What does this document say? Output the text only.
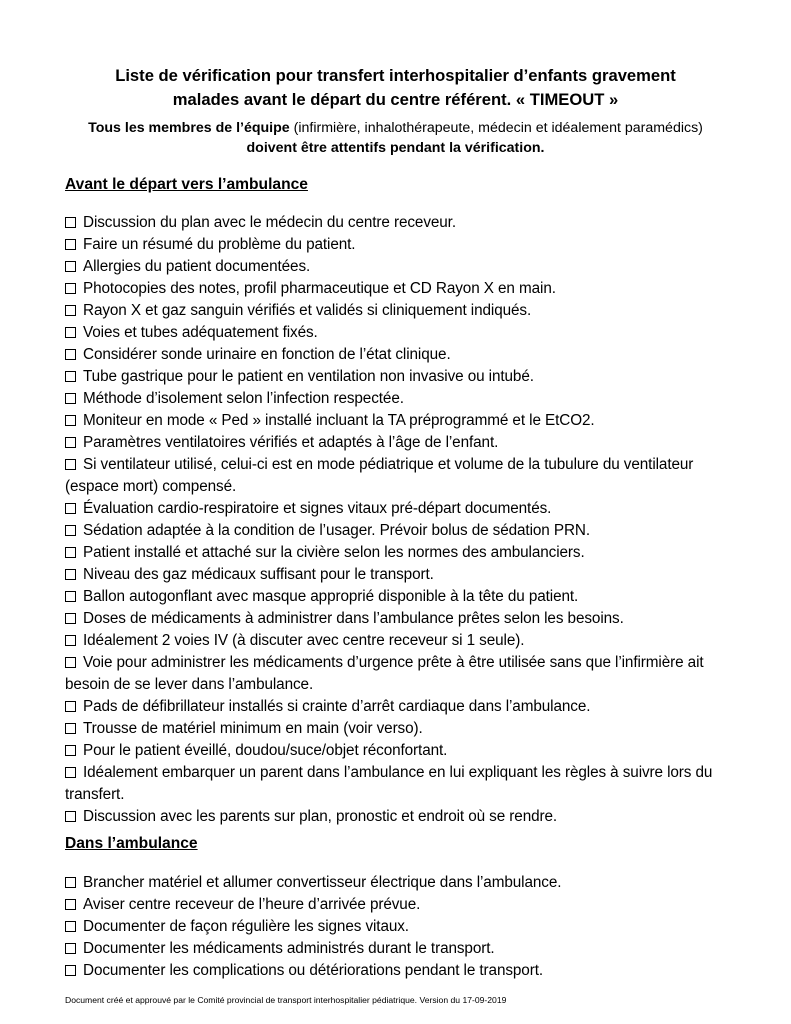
Liste de vérification pour transfert interhospitalier d’enfants gravement
malades avant le départ du centre référent. « TIMEOUT »
Tous les membres de l’équipe (infirmière, inhalothérapeute, médecin et idéalement paramédics)
doivent être attentifs pendant la vérification.
Avant le départ vers l’ambulance
Discussion du plan avec le médecin du centre receveur.
Faire un résumé du problème du patient.
Allergies du patient documentées.
Photocopies des notes, profil pharmaceutique et CD Rayon X en main.
Rayon X et gaz sanguin vérifiés et validés si cliniquement indiqués.
Voies et tubes adéquatement fixés.
Considérer sonde urinaire en fonction de l’état clinique.
Tube gastrique pour le patient en ventilation non invasive ou intubé.
Méthode d’isolement selon l’infection respectée.
Moniteur en mode « Ped » installé incluant la TA préprogrammé et le EtCO2.
Paramètres ventilatoires vérifiés et adaptés à l’âge de l’enfant.
Si ventilateur utilisé, celui-ci est en mode pédiatrique et volume de la tubulure du ventilateur (espace mort) compensé.
Évaluation cardio-respiratoire et signes vitaux pré-départ documentés.
Sédation adaptée à la condition de l’usager. Prévoir bolus de sédation PRN.
Patient installé et attaché sur la civière selon les normes des ambulanciers.
Niveau des gaz médicaux suffisant pour le transport.
Ballon autogonflant avec masque approprié disponible à la tête du patient.
Doses de médicaments à administrer dans l’ambulance prêtes selon les besoins.
Idéalement 2 voies IV (à discuter avec centre receveur si 1 seule).
Voie pour administrer les médicaments d’urgence prête à être utilisée sans que l’infirmière ait besoin de se lever dans l’ambulance.
Pads de défibrillateur installés si crainte d’arrêt cardiaque dans l’ambulance.
Trousse de matériel minimum en main (voir verso).
Pour le patient éveillé, doudou/suce/objet réconfortant.
Idéalement embarquer un parent dans l’ambulance en lui expliquant les règles à suivre lors du transfert.
Discussion avec les parents sur plan, pronostic et endroit où se rendre.
Dans l’ambulance
Brancher matériel et allumer convertisseur électrique dans l’ambulance.
Aviser centre receveur de l’heure d’arrivée prévue.
Documenter de façon régulière les signes vitaux.
Documenter les médicaments administrés durant le transport.
Documenter les complications ou détériorations pendant le transport.
Document créé et approuvé par le Comité provincial de transport interhospitalier pédiatrique. Version du 17-09-2019
